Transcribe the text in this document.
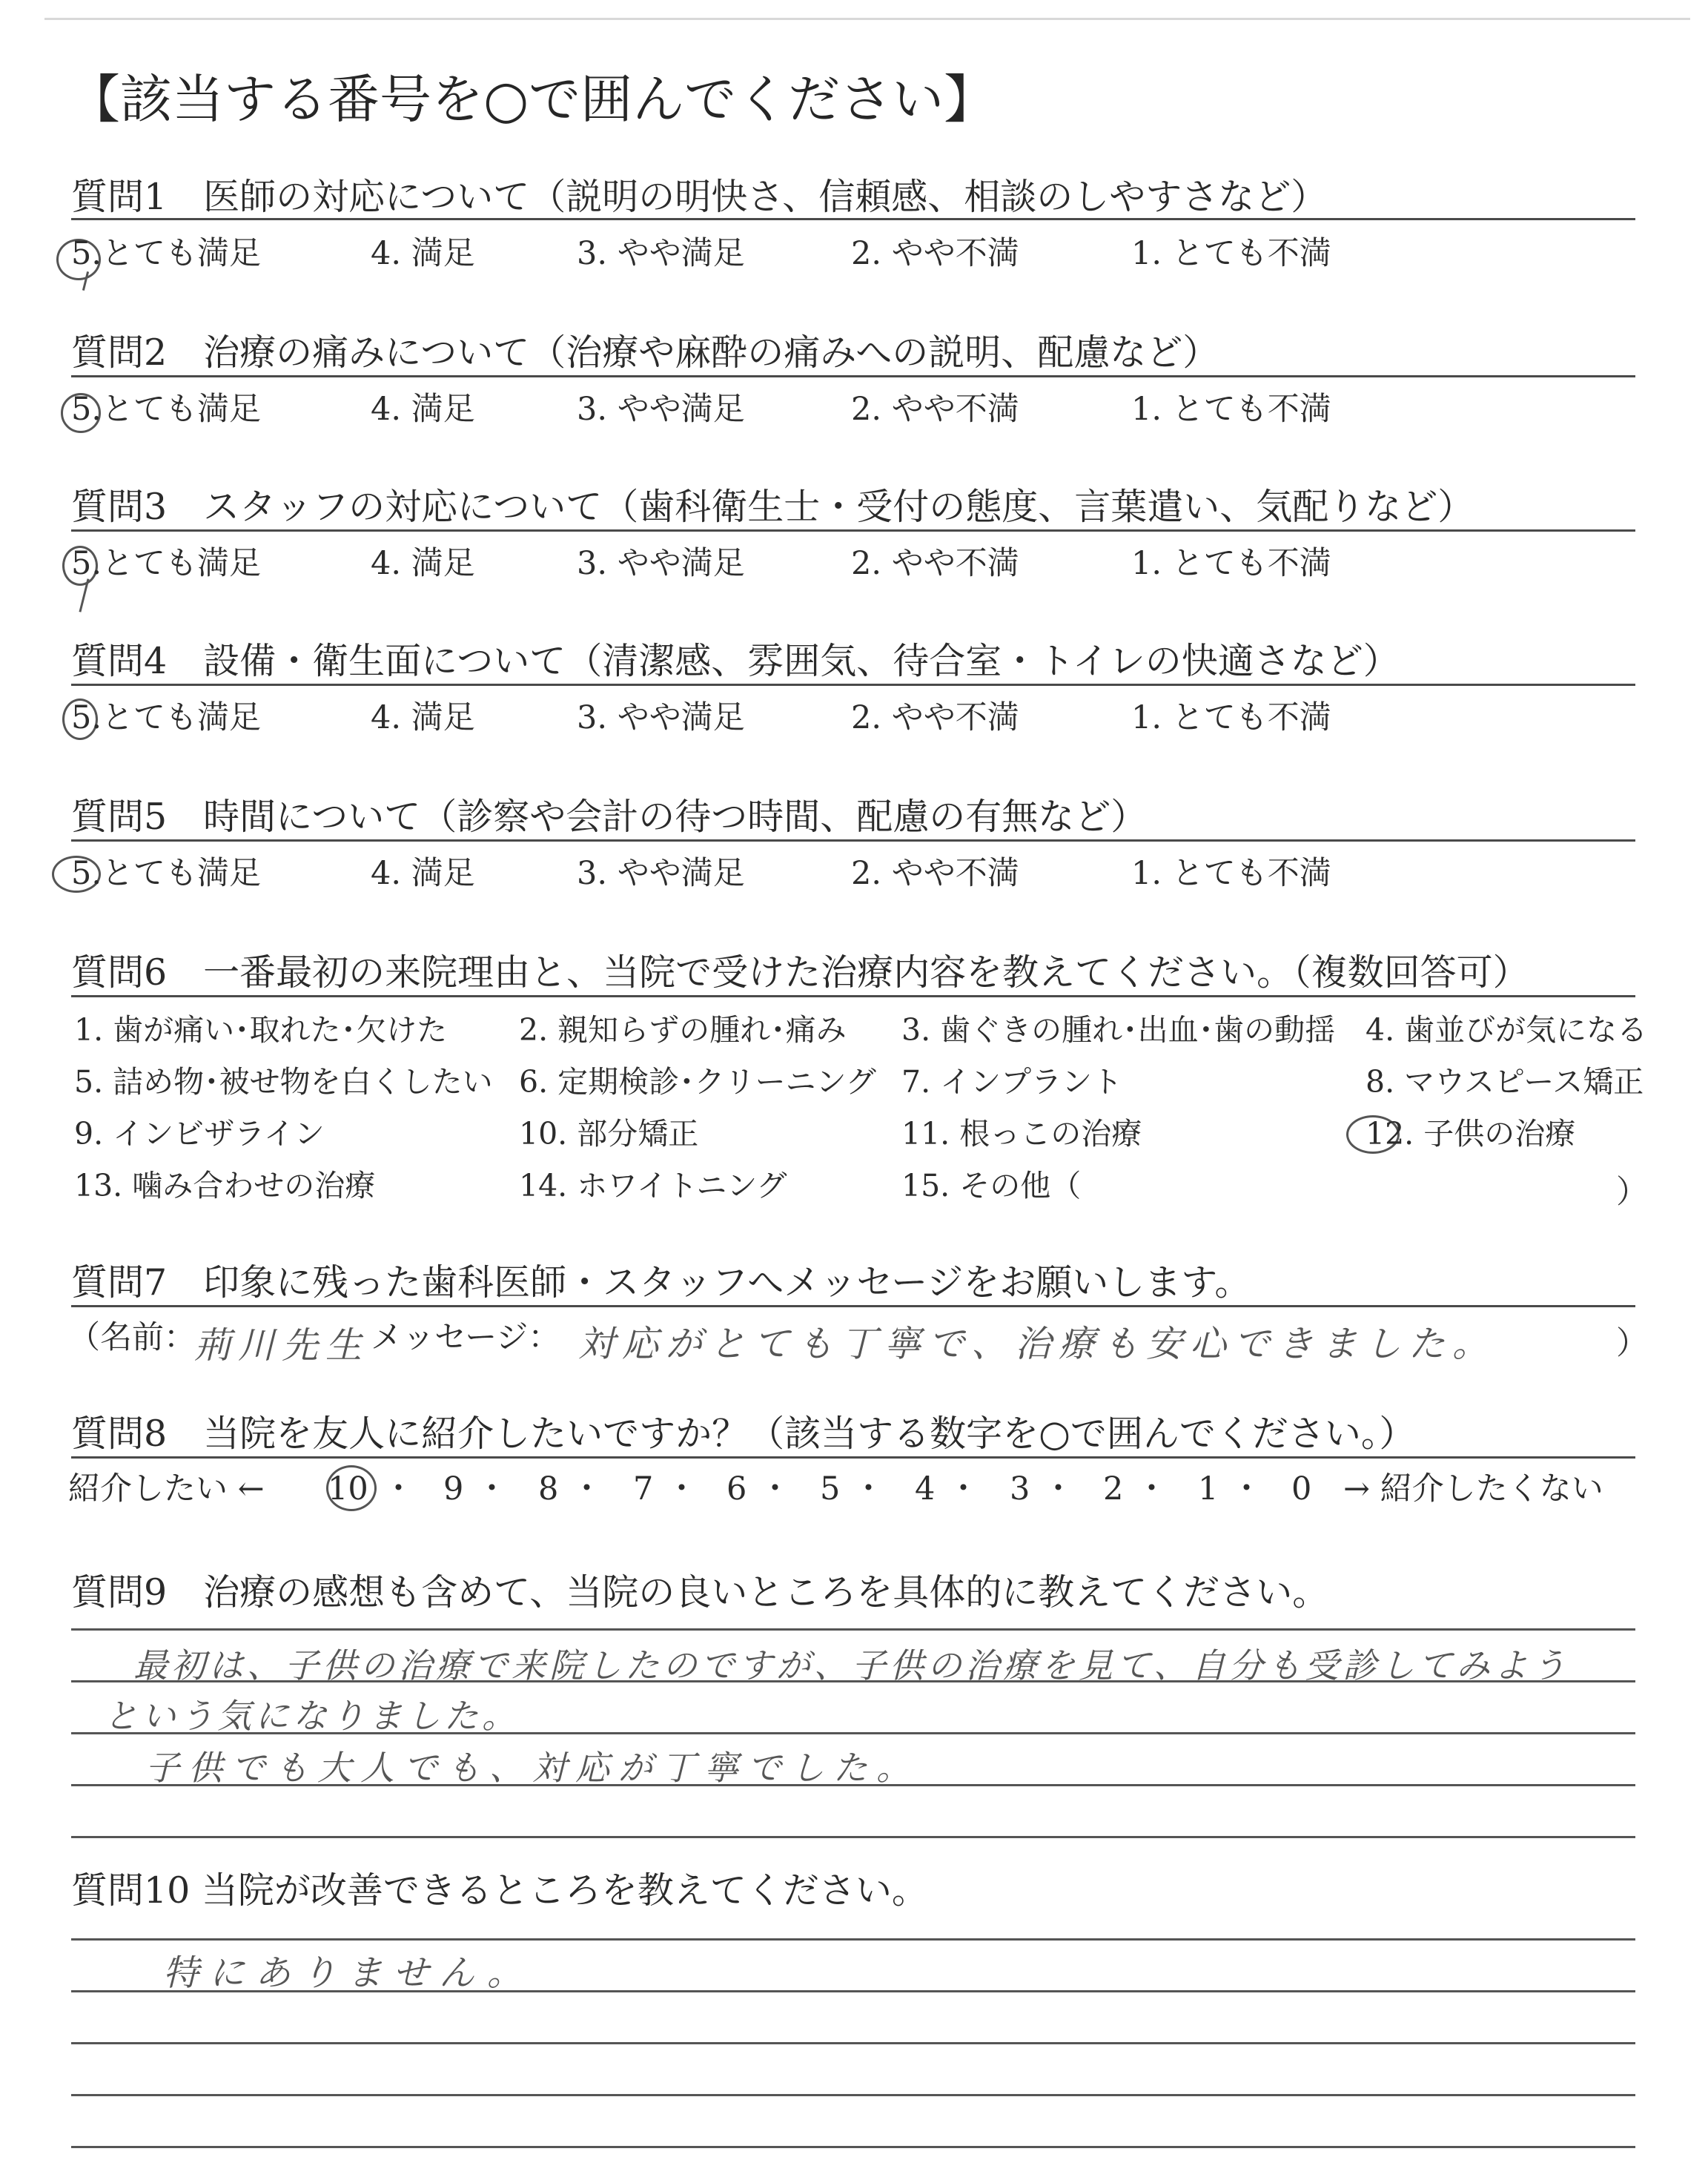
【該当する番号を○で囲んでください】
質問1　医師の対応について（説明の明快さ、信頼感、相談のしやすさなど）
5.とても満足	4. 満足	3. やや満足	2. やや不満	1. とても不満
質問2　治療の痛みについて（治療や麻酔の痛みへの説明、配慮など）
5.とても満足	4. 満足	3. やや満足	2. やや不満	1. とても不満
質問3　スタッフの対応について（歯科衛生士・受付の態度、言葉遣い、気配りなど）
5.とても満足	4. 満足	3. やや満足	2. やや不満	1. とても不満
質問4　設備・衛生面について（清潔感、雰囲気、待合室・トイレの快適さなど）
5.とても満足	4. 満足	3. やや満足	2. やや不満	1. とても不満
質問5　時間について（診察や会計の待つ時間、配慮の有無など）
5.とても満足	4. 満足	3. やや満足	2. やや不満	1. とても不満
質問6　一番最初の来院理由と、当院で受けた治療内容を教えてください。（複数回答可）
1. 歯が痛い･取れた･欠けた 2. 親知らずの腫れ･痛み 3. 歯ぐきの腫れ･出血･歯の動揺 4. 歯並びが気になる
5. 詰め物･被せ物を白くしたい 6. 定期検診･クリーニング 7. インプラント	8. マウスピース矯正
9. インビザライン	10. 部分矯正	11. 根っこの治療	12. 子供の治療
13. 噛み合わせの治療	14. ホワイトニング	15. その他（	）
質問7　印象に残った歯科医師・スタッフへメッセージをお願いします。
（名前：
荊川先生 メッセージ： 対応がとても丁寧で、治療も安心できました。	）
質問8　当院を友人に紹介したいですか？（該当する数字を○で囲んでください。）
紹介したい ← 10 ・ 9 ・ 8 ・ 7 ・ 6 ・ 5 ・ 4 ・ 3 ・ 2 ・ 1 ・ 0 → 紹介したくない
質問9　治療の感想も含めて、当院の良いところを具体的に教えてください。
最初は、子供の治療で来院したのですが、子供の治療を見て、自分も受診してみよう
という気になりました。
子供でも大人でも、対応が丁寧でした。
質問10 当院が改善できるところを教えてください。
特にありません。
